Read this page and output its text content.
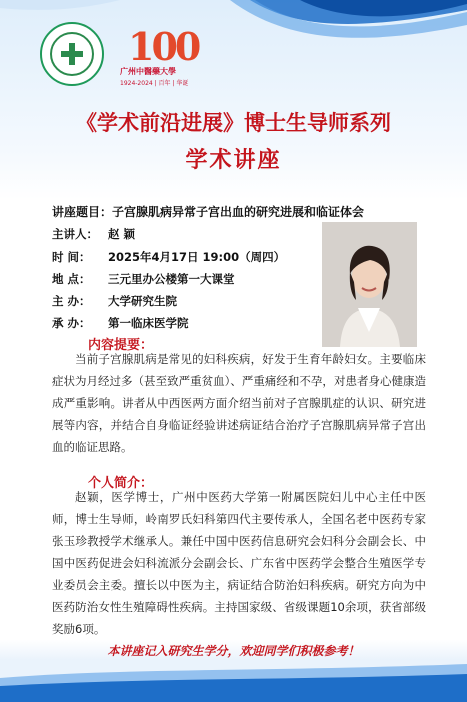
100
广州中醫藥大學
1924-2024 | 百年 | 华诞
《学术前沿进展》博士生导师系列
学术讲座
讲座题目：子宫腺肌病异常子宫出血的研究进展和临证体会
主讲人： 赵 颖
时 间： 2025年4月17日 19:00（周四）
地 点： 三元里办公楼第一大课堂
主 办： 大学研究生院
承 办： 第一临床医学院
内容提要：

当前子宫腺肌病是常见的妇科疾病，好发于生育年龄妇女。主要临床症状为月经过多（甚至致严重贫血）、严重痛经和不孕，对患者身心健康造成严重影响。讲者从中西医两方面介绍当前对子宫腺肌症的认识、研究进展等内容，并结合自身临证经验讲述病证结合治疗子宫腺肌病异常子宫出血的临证思路。

个人简介：

赵颖，医学博士，广州中医药大学第一附属医院妇儿中心主任中医师，博士生导师，岭南罗氏妇科第四代主要传承人，全国名老中医药专家张玉珍教授学术继承人。兼任中国中医药信息研究会妇科分会副会长、中国中医药促进会妇科流派分会副会长、广东省中医药学会整合生殖医学专业委员会主委。擅长以中医为主，病证结合防治妇科疾病。研究方向为中医药防治女性生殖障碍性疾病。主持国家级、省级课题10余项，获省部级奖励6项。

本讲座记入研究生学分，欢迎同学们积极参考！
